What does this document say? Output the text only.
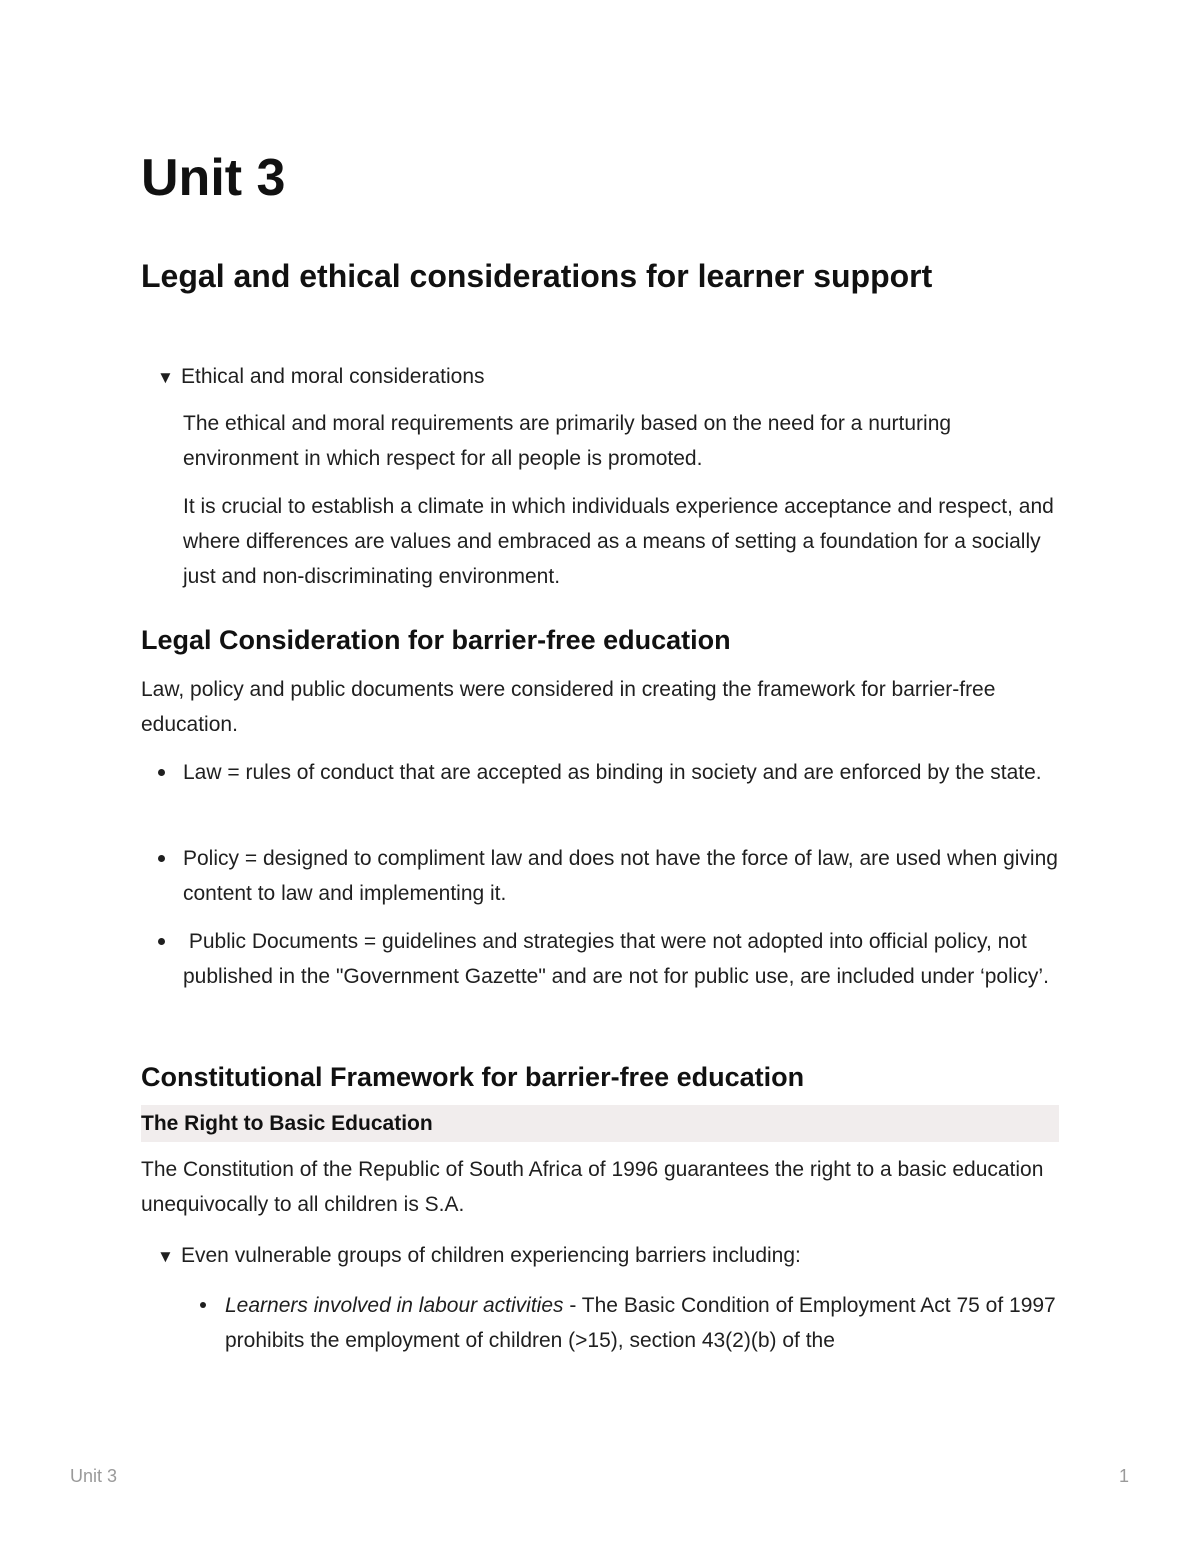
Unit 3
Legal and ethical considerations for learner support
▼ Ethical and moral considerations

The ethical and moral requirements are primarily based on the need for a nurturing environment in which respect for all people is promoted.

It is crucial to establish a climate in which individuals experience acceptance and respect, and where differences are values and embraced as a means of setting a foundation for a socially just and non-discriminating environment.

Legal Consideration for barrier-free education

Law, policy and public documents were considered in creating the framework for barrier-free education.

Law = rules of conduct that are accepted as binding in society and are enforced by the state.

Policy = designed to compliment law and does not have the force of law, are used when giving content to law and implementing it.

Public Documents = guidelines and strategies that were not adopted into official policy, not published in the "Government Gazette" and are not for public use, are included under ‘policy’.

Constitutional Framework for barrier-free education
The Right to Basic Education

The Constitution of the Republic of South Africa of 1996 guarantees the right to a basic education unequivocally to all children is S.A.

▼ Even vulnerable groups of children experiencing barriers including:

Learners involved in labour activities - The Basic Condition of Employment Act 75 of 1997 prohibits the employment of children (>15), section 43(2)(b) of the

Unit 3	1
